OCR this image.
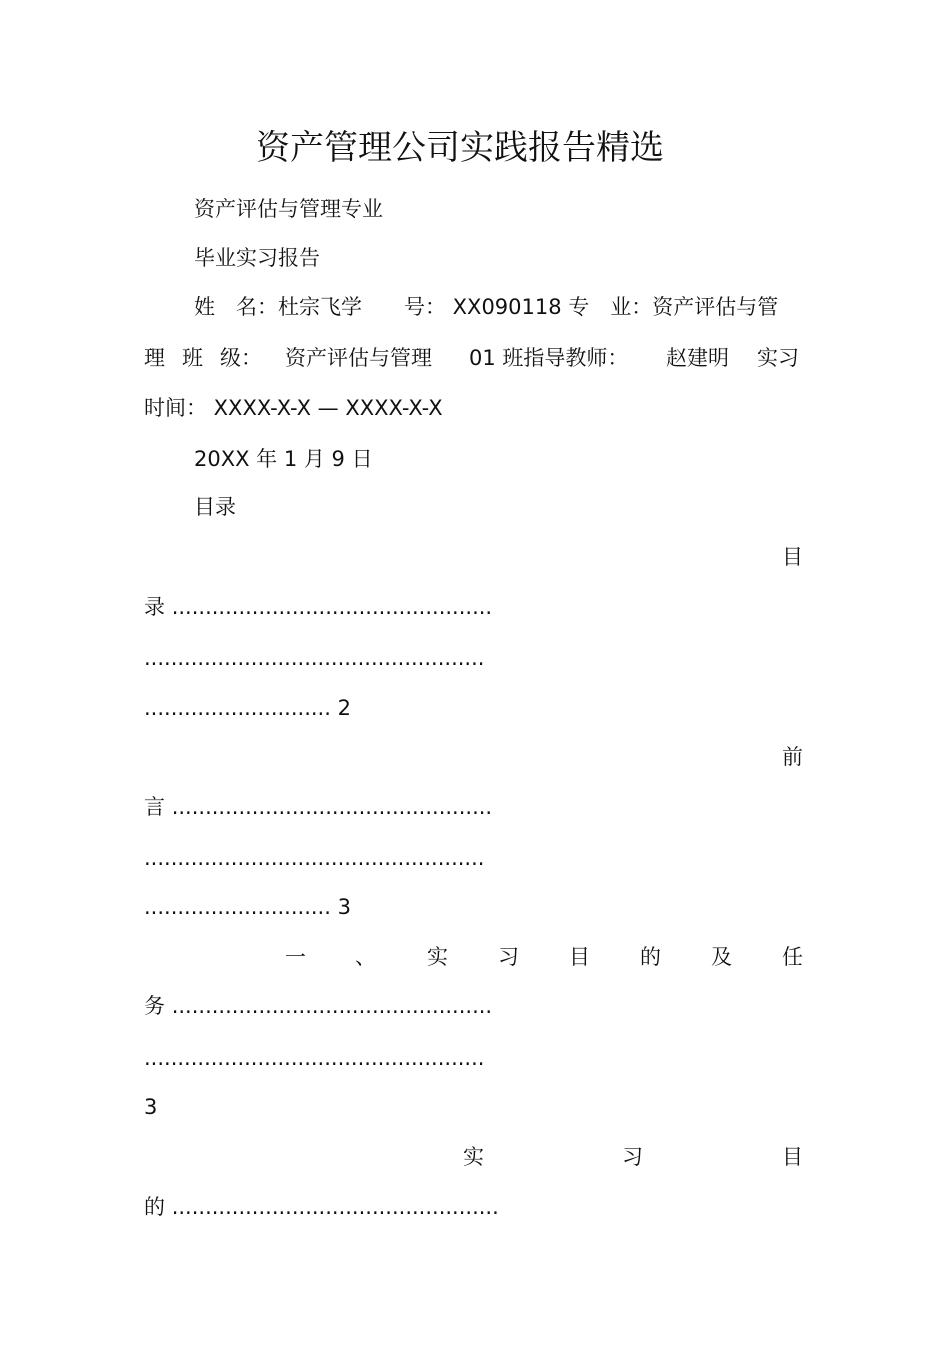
资产管理公司实践报告精选
资产评估与管理专业
毕业实习报告
姓　名：杜宗飞学　　号： XX090118 专　业：资产评估与管
理 班 级： 资产评估与管理 01 班指导教师： 赵建明 实习
时间： XXXX-X-X — XXXX-X-X
20XX 年 1 月 9 日
目录
目
录 ................................................
...................................................
............................ 2
前
言 ................................................
...................................................
............................ 3
一 、 实 习 目 的 及 任
务 ................................................
...................................................
3
实	习	目
的 .................................................
